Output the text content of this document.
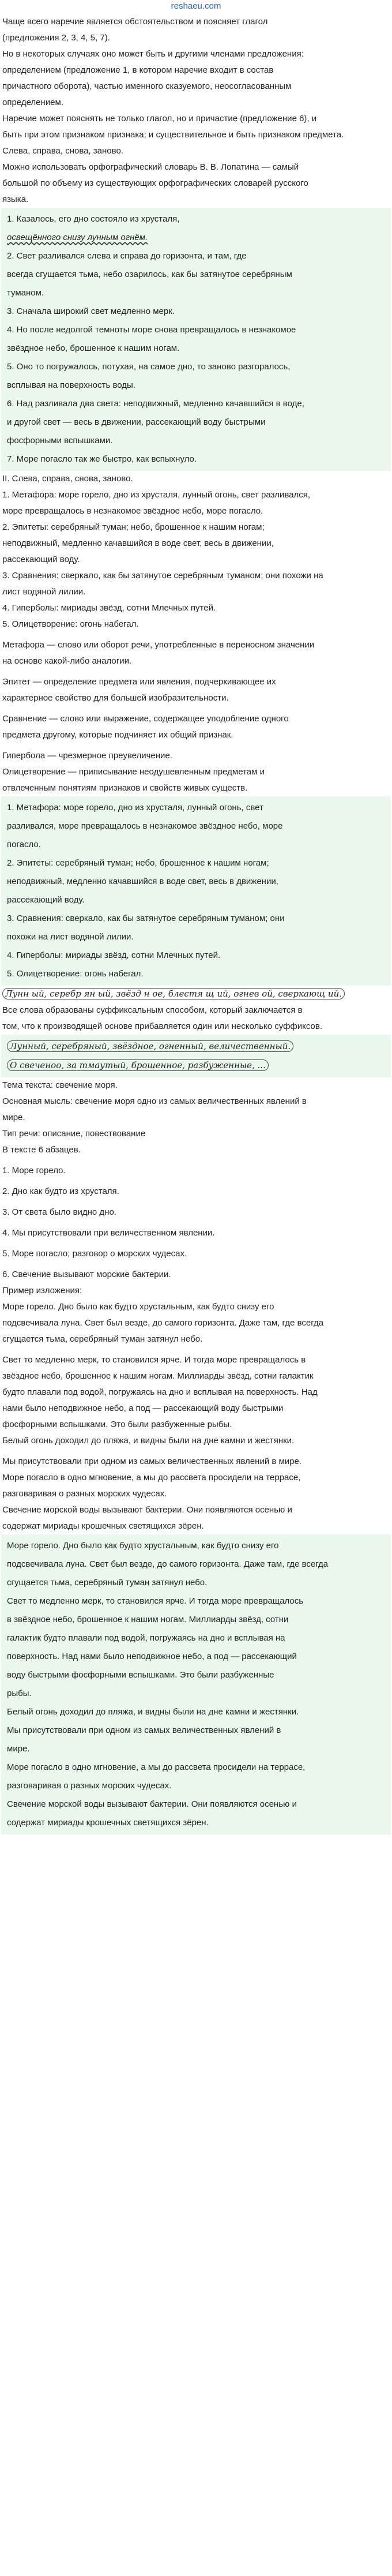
reshaeu.com

Чаще всего наречие является обстоятельством и поясняет глагол

(предложения 2, 3, 4, 5, 7).

Но в некоторых случаях оно может быть и другими членами предложения:

определением (предложение 1, в котором наречие входит в состав

причастного оборота), частью именного сказуемого, неосогласованным

определением.

Наречие может пояснять не только глагол, но и причастие (предложение 6), и

быть при этом признаком признака; и существительное и быть признаком предмета.

Слева, справа, снова, заново.

Можно использовать орфографический словарь В. В. Лопатина — самый

большой по объему из существующих орфографических словарей русского

языка.

1. Казалось, его дно состояло из хрусталя,

освещённого снизу лунным огнём.

2. Свет разливался слева и справа до горизонта, и там, где

всегда сгущается тьма, небо озарилось, как бы затянутое серебряным

туманом.

3. Сначала широкий свет медленно мерк.

4. Но после недолгой темноты море снова превращалось в незнакомое

звёздное небо, брошенное к нашим ногам.

5. Оно то погружалось, потухая, на самое дно, то заново разгоралось,

всплывая на поверхность воды.

6. Над разливалa два света: неподвижный, медленно качавшийся в воде,

и другой свет — весь в движении, рассекающий воду быстрыми

фосфорными вспышками.

7. Море погасло так же быстро, как вспыхнуло.

II. Слева, справа, снова, заново.

1. Метафора: море горело, дно из хрусталя, лунный огонь, свет разливался,

море превращалось в незнакомое звёздное небо, море погасло.

2. Эпитеты: серебряный туман; небо, брошенное к нашим ногам;

неподвижный, медленно качавшийся в воде свет, весь в движении,

рассекающий воду.

3. Сравнения: сверкало, как бы затянутое серебряным туманом; они похожи на

лист водяной лилии.

4. Гиперболы: мириады звёзд, сотни Млечных путей.

5. Олицетворение: огонь набегал.

Метафора — слово или оборот речи, употребленные в переносном значении

на основе какой-либо аналогии.

Эпитет — определение предмета или явления, подчеркивающее их

характерное свойство для большей изобразительности.

Сравнение — слово или выражение, содержащее уподобление одного

предмета другому, которые подчиняет их общий признак.

Гипербола — чрезмерное преувеличение.

Олицетворение — приписывание неодушевленным предметам и

отвлеченным понятиям признаков и свойств живых существ.

1. Метафора: море горело, дно из хрусталя, лунный огонь, свет

разливался, море превращалось в незнакомое звёздное небо, море

погасло.

2. Эпитеты: серебряный туман; небо, брошенное к нашим ногам;

неподвижный, медленно качавшийся в воде свет, весь в движении,

рассекающий воду.

3. Сравнения: сверкало, как бы затянутое серебряным туманом; они

похожи на лист водяной лилии.

4. Гиперболы: мириады звёзд, сотни Млечных путей.

5. Олицетворение: огонь набегал.

Лунн ый, серебр ян ый, звёзд н ое, блестя щ ий, огнев ой, сверкающ ий.

Все слова образованы суффиксальным способом, который заключается в

том, что к производящей основе прибавляется один или несколько суффиксов.

Лунный, серебряный, звёздное, огненный, величественный.

О свеченоо, за тмаутый, брошенное, разбуженные, ...

Тема текста: свечение моря.

Основная мысль: свечение моря одно из самых величественных явлений в

мире.

Тип речи: описание, повествование

В тексте 6 абзацев.

1. Море горело.

2. Дно как будто из хрусталя.

3. От света было видно дно.

4. Мы присутствовали при величественном явлении.

5. Море погасло; разговор о морских чудесах.

6. Свечение вызывают морские бактерии.

Пример изложения:

Море горело. Дно было как будто хрустальным, как будто снизу его

подсвечивала луна. Свет был везде, до самого горизонта. Даже там, где всегда

сгущается тьма, серебряный туман затянул небо.

Свет то медленно мерк, то становился ярче. И тогда море превращалось в

звёздное небо, брошенное к нашим ногам. Миллиарды звёзд, сотни галактик

будто плавали под водой, погружаясь на дно и всплывая на поверхность. Над

нами было неподвижное небо, а под — рассекающий воду быстрыми

фосфорными вспышками. Это были разбуженные рыбы.

Белый огонь доходил до пляжа, и видны были на дне камни и жестянки.

Мы присутствовали при одном из самых величественных явлений в мире.

Море погасло в одно мгновение, а мы до рассвета просидели на террасе,

разговаривая о разных морских чудесах.

Свечение морской воды вызывают бактерии. Они появляются осенью и

содержат мириады крошечных светящихся зёрен.

Море горело. Дно было как будто хрустальным, как будто снизу его

подсвечивала луна. Свет был везде, до самого горизонта. Даже там, где всегда

сгущается тьма, серебряный туман затянул небо.

Свет то медленно мерк, то становился ярче. И тогда море превращалось

в звёздное небо, брошенное к нашим ногам. Миллиарды звёзд, сотни

галактик будто плавали под водой, погружаясь на дно и всплывая на

поверхность. Над нами было неподвижное небо, а под — рассекающий

воду быстрыми фосфорными вспышками. Это были разбуженные

рыбы.

Белый огонь доходил до пляжа, и видны были на дне камни и жестянки.

Мы присутствовали при одном из самых величественных явлений в

мире.

Море погасло в одно мгновение, а мы до рассвета просидели на террасе,

разговаривая о разных морских чудесах.

Свечение морской воды вызывают бактерии. Они появляются осенью и

содержат мириады крошечных светящихся зёрен.
